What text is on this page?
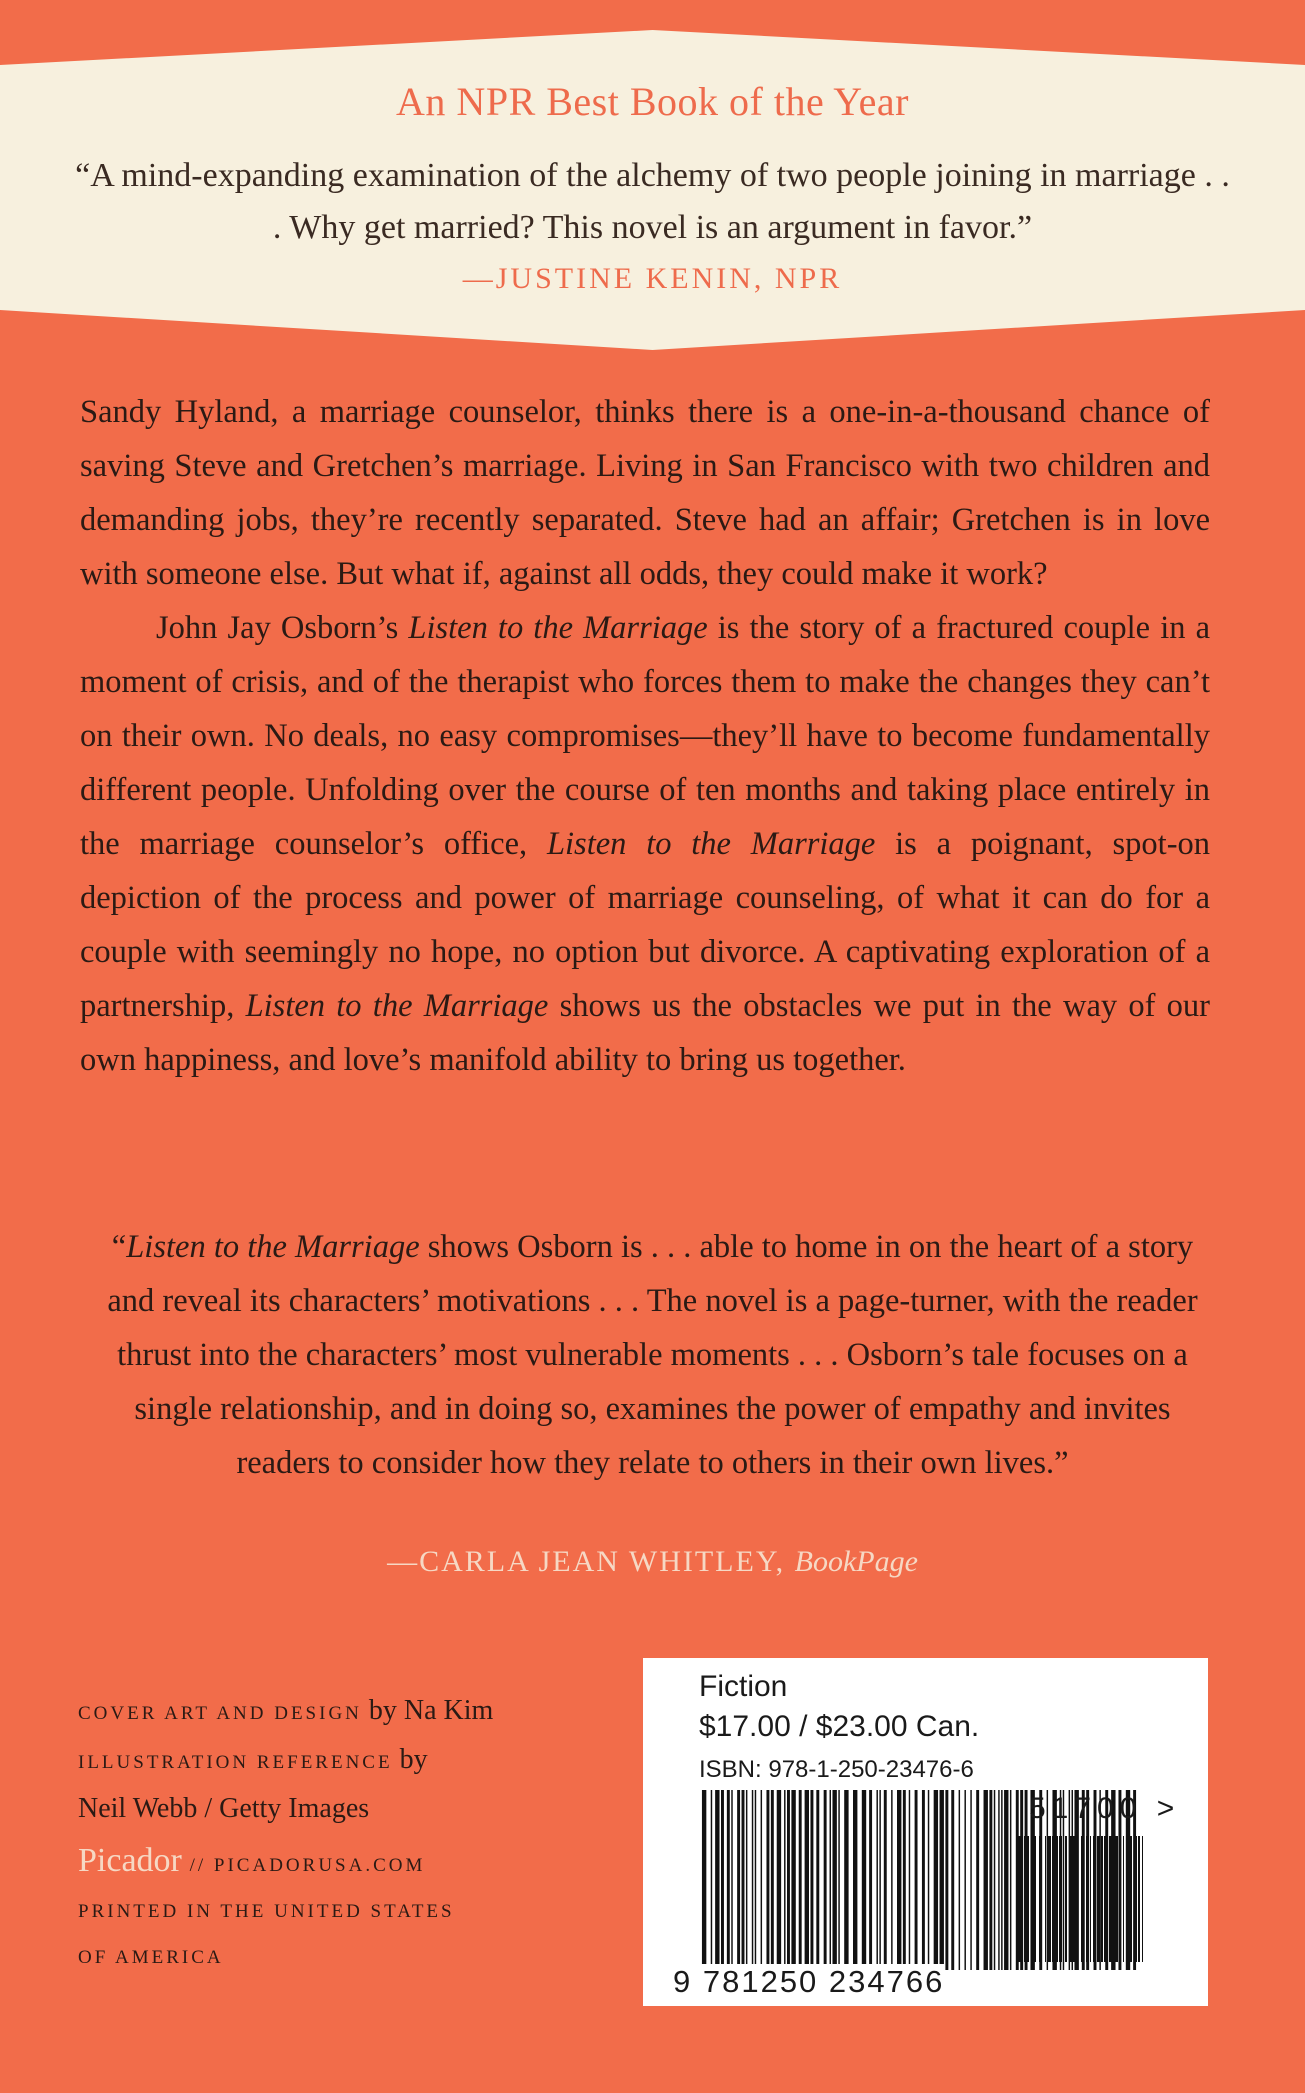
An NPR Best Book of the Year
“A mind-expanding examination of the alchemy of two people joining in marriage . . . Why get married? This novel is an argument in favor.”
—JUSTINE KENIN, NPR

Sandy Hyland, a marriage counselor, thinks there is a one-in-a-thousand chance of saving Steve and Gretchen’s marriage. Living in San Francisco with two children and demanding jobs, they’re recently separated. Steve had an affair; Gretchen is in love with someone else. But what if, against all odds, they could make it work?

John Jay Osborn’s Listen to the Marriage is the story of a fractured couple in a moment of crisis, and of the therapist who forces them to make the changes they can’t on their own. No deals, no easy compromises—they’ll have to become fundamentally different people. Unfolding over the course of ten months and taking place entirely in the marriage counselor’s office, Listen to the Marriage is a poignant, spot-on depiction of the process and power of marriage counseling, of what it can do for a couple with seemingly no hope, no option but divorce. A captivating exploration of a partnership, Listen to the Marriage shows us the obstacles we put in the way of our own happiness, and love’s manifold ability to bring us together.

“Listen to the Marriage shows Osborn is . . . able to home in on the heart of a story and reveal its characters’ motivations . . . The novel is a page-turner, with the reader thrust into the characters’ most vulnerable moments . . . Osborn’s tale focuses on a single relationship, and in doing so, examines the power of empathy and invites readers to consider how they relate to others in their own lives.”
—CARLA JEAN WHITLEY, BookPage
COVER ART AND DESIGN by Na Kim
ILLUSTRATION REFERENCE by
Neil Webb / Getty Images
Picador // PICADORUSA.COM
PRINTED IN THE UNITED STATES
OF AMERICA
Fiction
$17.00 / $23.00 Can.
ISBN: 978-1-250-23476-6
51700 >
9 781250 234766
